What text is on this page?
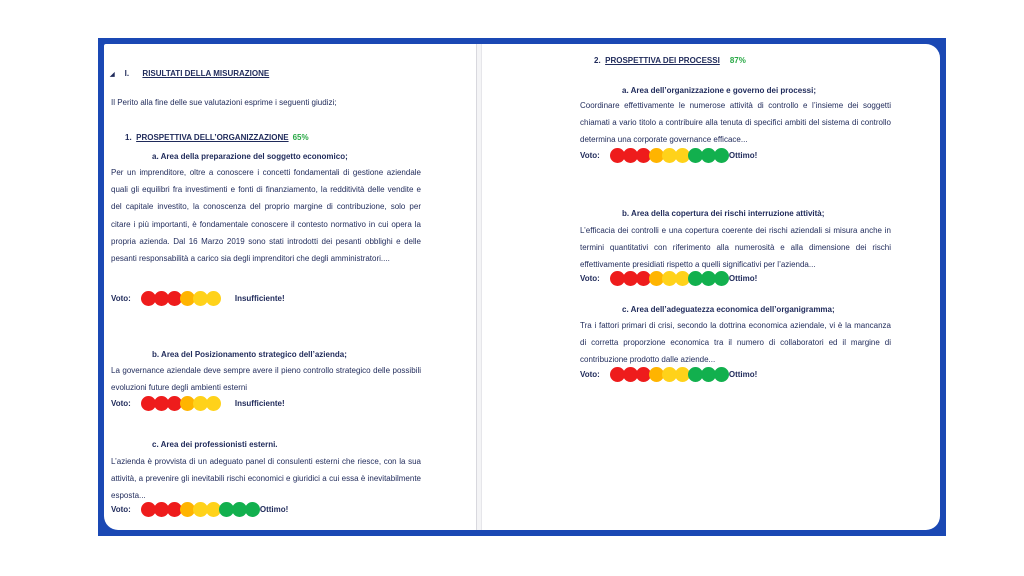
◢ I. RISULTATI DELLA MISURAZIONE
Il Perito alla fine delle sue valutazioni esprime i seguenti giudizi;
1. PROSPETTIVA DELL’ORGANIZZAZIONE 65%
a. Area della preparazione del soggetto economico;
Per un imprenditore, oltre a conoscere i concetti fondamentali di gestione aziendale quali gli equilibri fra investimenti e fonti di finanziamento, la redditività delle vendite e del capitale investito, la conoscenza del proprio margine di contribuzione, solo per citare i più importanti, è fondamentale conoscere il contesto normativo in cui opera la propria azienda. Dal 16 Marzo 2019 sono stati introdotti dei pesanti obblighi e delle pesanti responsabilità a carico sia degli imprenditori che degli amministratori....
Voto:	Insufficiente!
b. Area del Posizionamento strategico dell’azienda;
La governance aziendale deve sempre avere il pieno controllo strategico delle possibili evoluzioni future degli ambienti esterni
Voto:	Insufficiente!
c. Area dei professionisti esterni.
L’azienda è provvista di un adeguato panel di consulenti esterni che riesce, con la sua attività, a prevenire gli inevitabili rischi economici e giuridici a cui essa è inevitabilmente esposta...
Voto:	Ottimo!
2. PROSPETTIVA DEI PROCESSI 87%
a. Area dell’organizzazione e governo dei processi;
Coordinare effettivamente le numerose attività di controllo e l’insieme dei soggetti chiamati a vario titolo a contribuire alla tenuta di specifici ambiti del sistema di controllo determina una corporate governance efficace...
Voto:	Ottimo!
b. Area della copertura dei rischi interruzione attività;
L’efficacia dei controlli e una copertura coerente dei rischi aziendali si misura anche in termini quantitativi con riferimento alla numerosità e alla dimensione dei rischi effettivamente presidiati rispetto a quelli significativi per l’azienda...
Voto:	Ottimo!
c. Area dell’adeguatezza economica dell’organigramma;
Tra i fattori primari di crisi, secondo la dottrina economica aziendale, vi è la mancanza di corretta proporzione economica tra il numero di collaboratori ed il margine di contribuzione prodotto dalle aziende...
Voto:	Ottimo!
